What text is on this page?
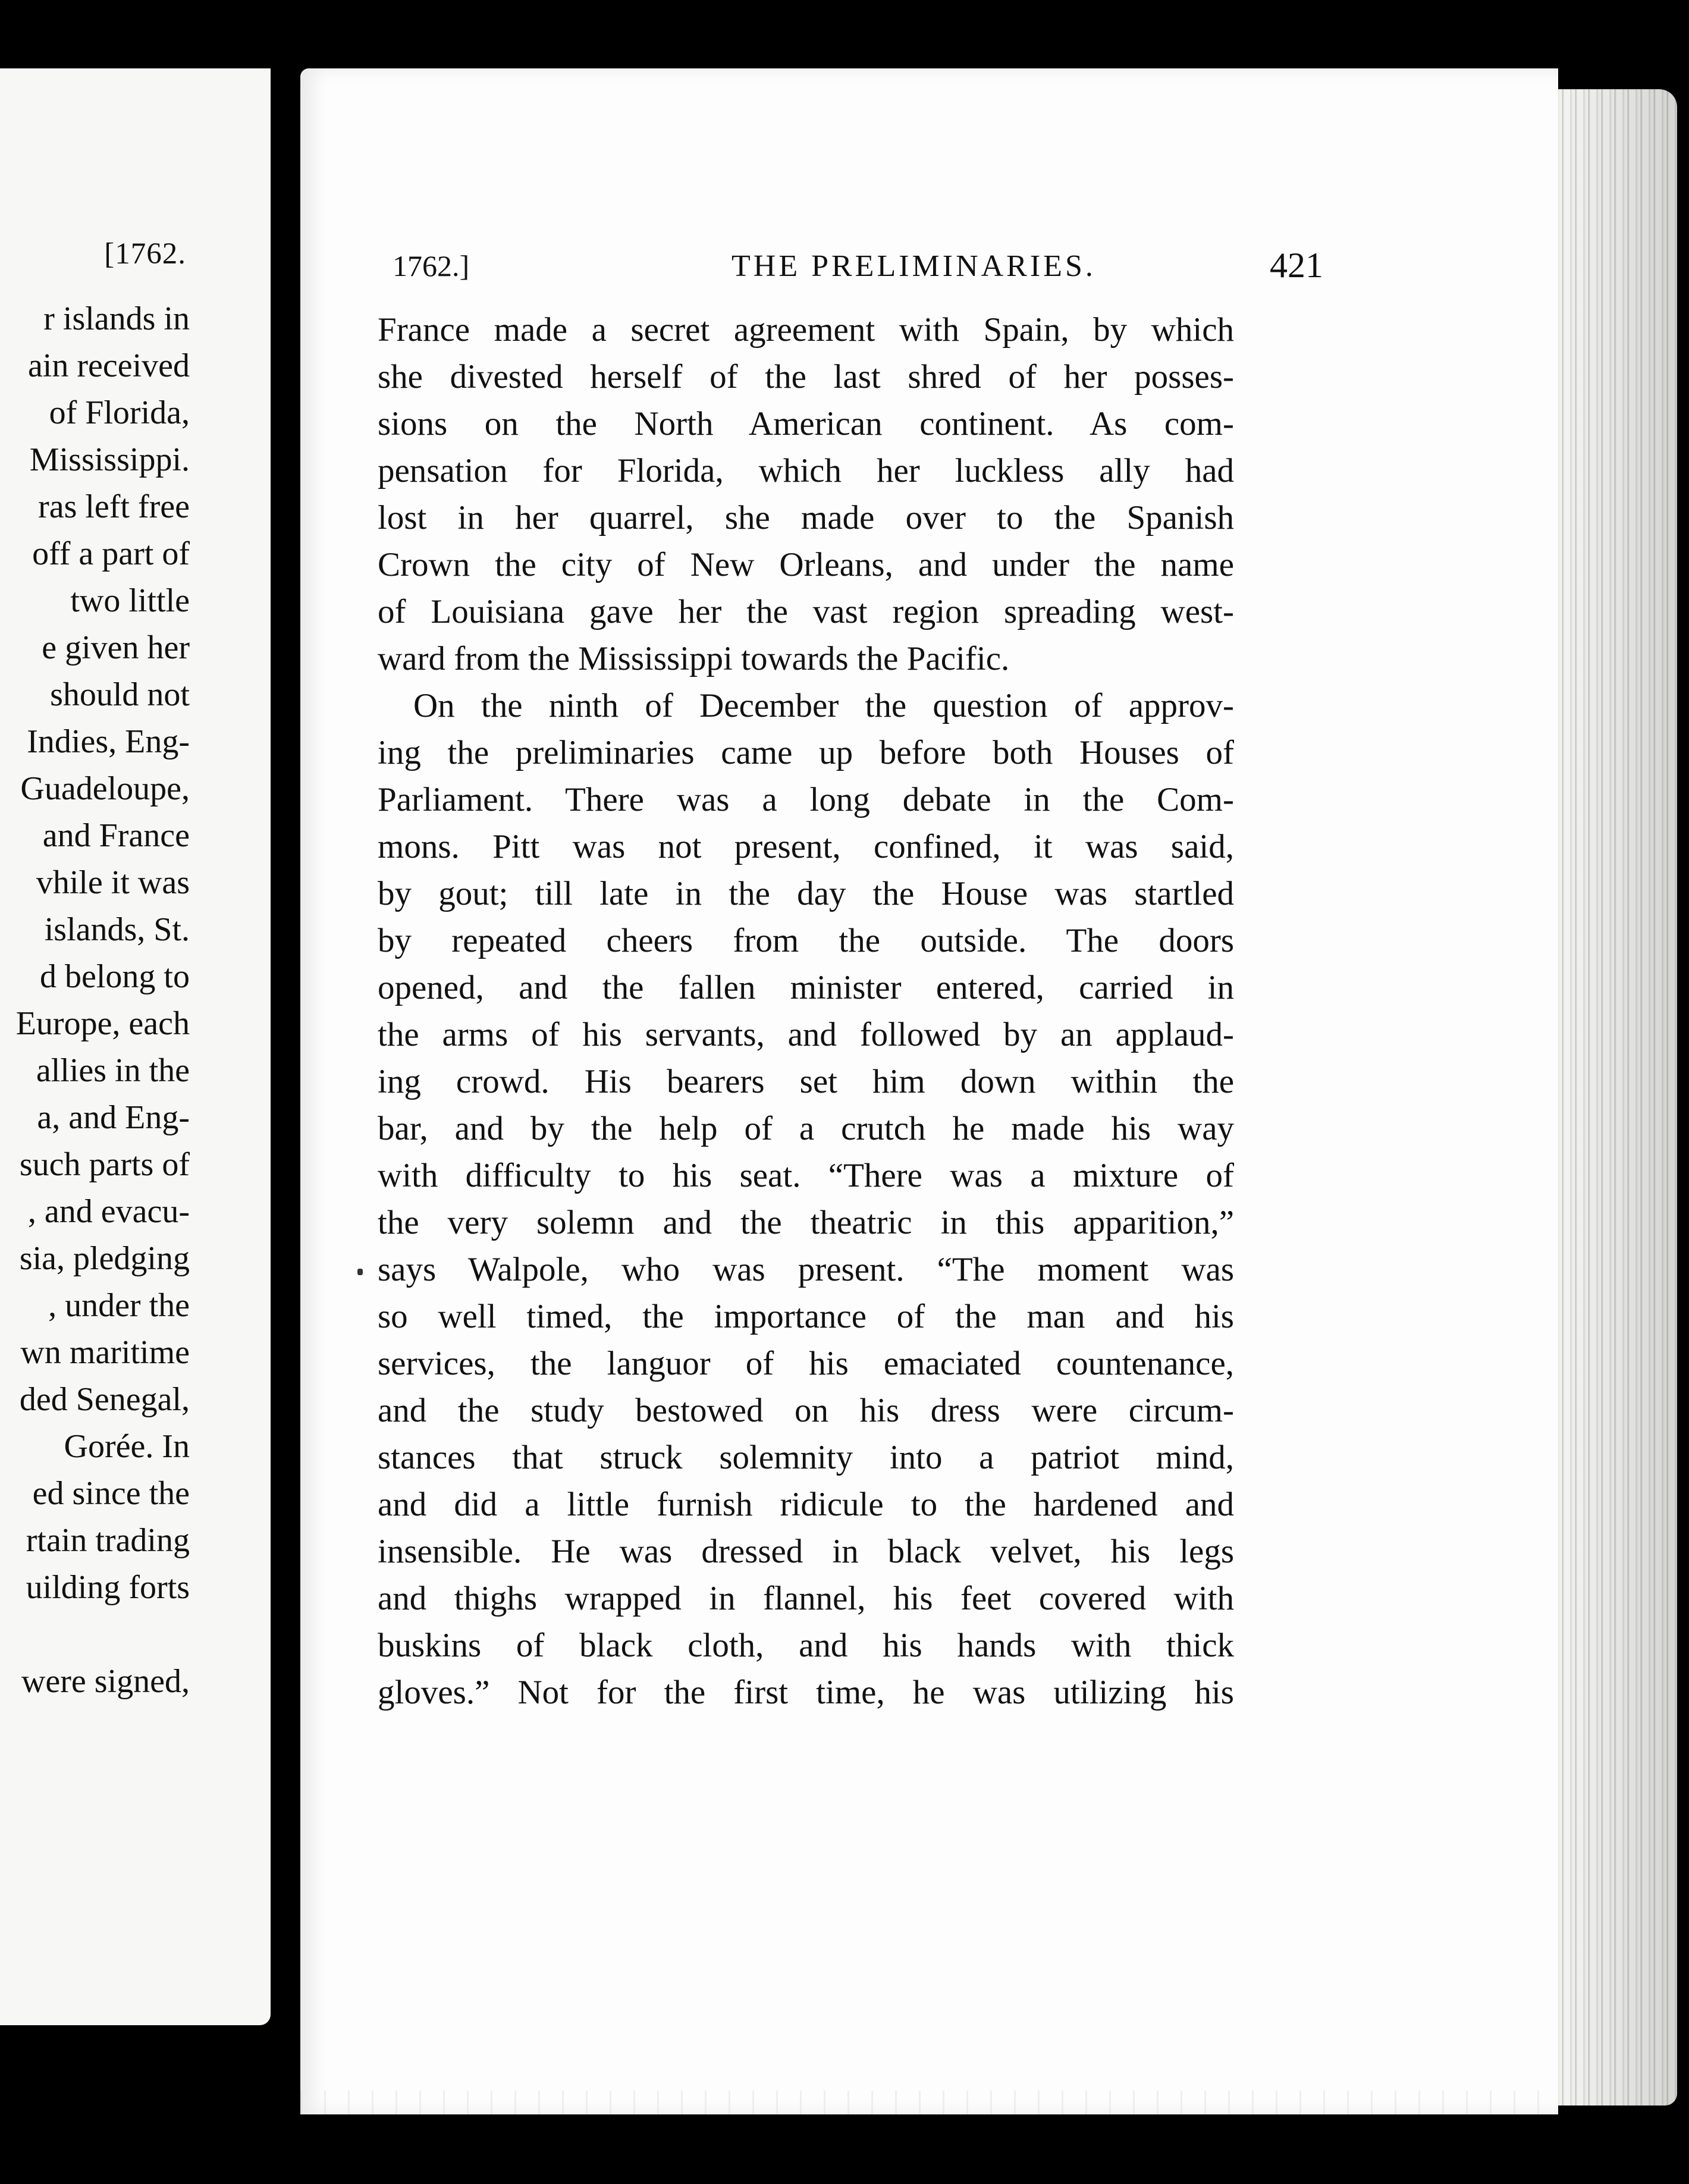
[1762.
r islands in
ain received
of Florida,
Mississippi.
ras left free
off a part of
two little
e given her
should not
Indies, Eng-
Guadeloupe,
and France
vhile it was
islands, St.
d belong to
Europe, each
allies in the
a, and Eng-
such parts of
, and evacu-
sia, pledging
, under the
wn maritime
ded Senegal,
Gorée. In
ed since the
rtain trading
uilding forts
were signed,
1762.]	THE PRELIMINARIES.	421
France made a secret agreement with Spain, by which
she divested herself of the last shred of her posses-
sions on the North American continent. As com-
pensation for Florida, which her luckless ally had
lost in her quarrel, she made over to the Spanish
Crown the city of New Orleans, and under the name
of Louisiana gave her the vast region spreading west-
ward from the Mississippi towards the Pacific.
On the ninth of December the question of approv-
ing the preliminaries came up before both Houses of
Parliament. There was a long debate in the Com-
mons. Pitt was not present, confined, it was said,
by gout; till late in the day the House was startled
by repeated cheers from the outside. The doors
opened, and the fallen minister entered, carried in
the arms of his servants, and followed by an applaud-
ing crowd. His bearers set him down within the
bar, and by the help of a crutch he made his way
with difficulty to his seat. “There was a mixture of
the very solemn and the theatric in this apparition,”
says Walpole, who was present. “The moment was
so well timed, the importance of the man and his
services, the languor of his emaciated countenance,
and the study bestowed on his dress were circum-
stances that struck solemnity into a patriot mind,
and did a little furnish ridicule to the hardened and
insensible. He was dressed in black velvet, his legs
and thighs wrapped in flannel, his feet covered with
buskins of black cloth, and his hands with thick
gloves.” Not for the first time, he was utilizing his
